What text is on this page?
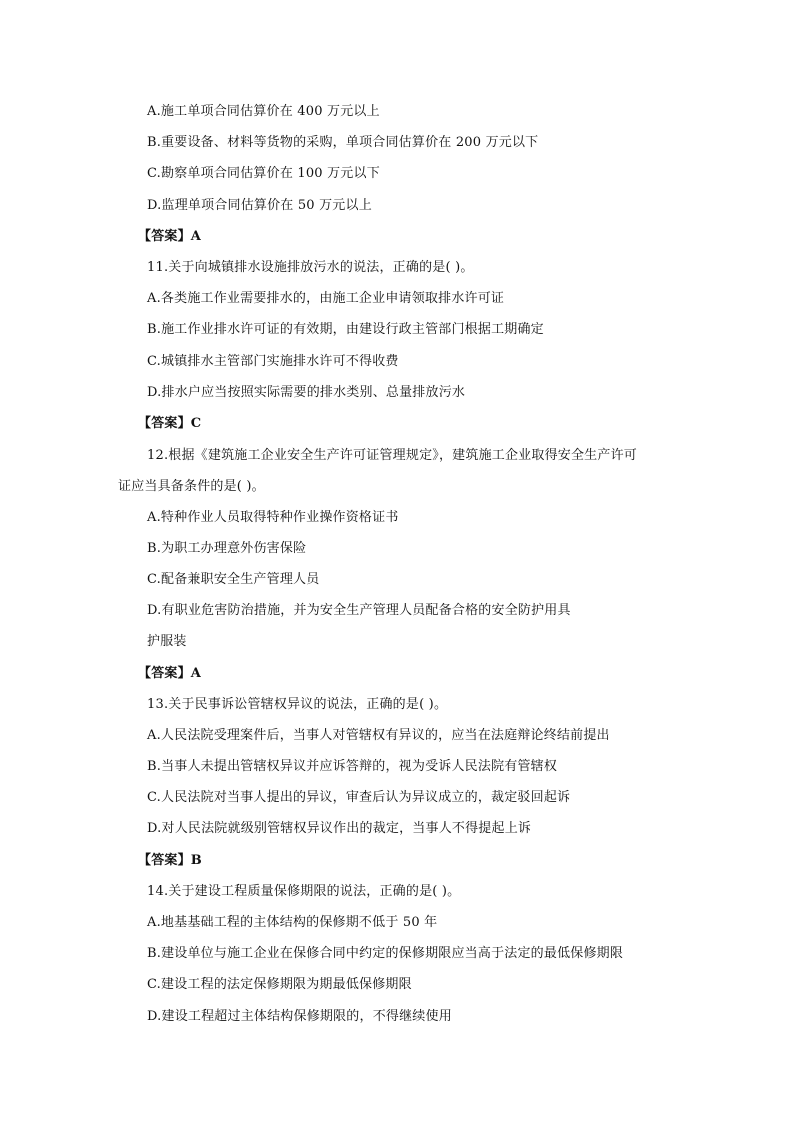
A.施工单项合同估算价在 400 万元以上
B.重要设备、材料等货物的采购，单项合同估算价在 200 万元以下
C.勘察单项合同估算价在 100 万元以下
D.监理单项合同估算价在 50 万元以上
【答案】A
11.关于向城镇排水设施排放污水的说法，正确的是( )。
A.各类施工作业需要排水的，由施工企业申请领取排水许可证
B.施工作业排水许可证的有效期，由建设行政主管部门根据工期确定
C.城镇排水主管部门实施排水许可不得收费
D.排水户应当按照实际需要的排水类别、总量排放污水
【答案】C
12.根据《建筑施工企业安全生产许可证管理规定》，建筑施工企业取得安全生产许可
证应当具备条件的是( )。
A.特种作业人员取得特种作业操作资格证书
B.为职工办理意外伤害保险
C.配备兼职安全生产管理人员
D.有职业危害防治措施，并为安全生产管理人员配备合格的安全防护用具
护服装
【答案】A
13.关于民事诉讼管辖权异议的说法，正确的是( )。
A.人民法院受理案件后，当事人对管辖权有异议的，应当在法庭辩论终结前提出
B.当事人未提出管辖权异议并应诉答辩的，视为受诉人民法院有管辖权
C.人民法院对当事人提出的异议，审查后认为异议成立的，裁定驳回起诉
D.对人民法院就级别管辖权异议作出的裁定，当事人不得提起上诉
【答案】B
14.关于建设工程质量保修期限的说法，正确的是( )。
A.地基基础工程的主体结构的保修期不低于 50 年
B.建设单位与施工企业在保修合同中约定的保修期限应当高于法定的最低保修期限
C.建设工程的法定保修期限为期最低保修期限
D.建设工程超过主体结构保修期限的，不得继续使用
